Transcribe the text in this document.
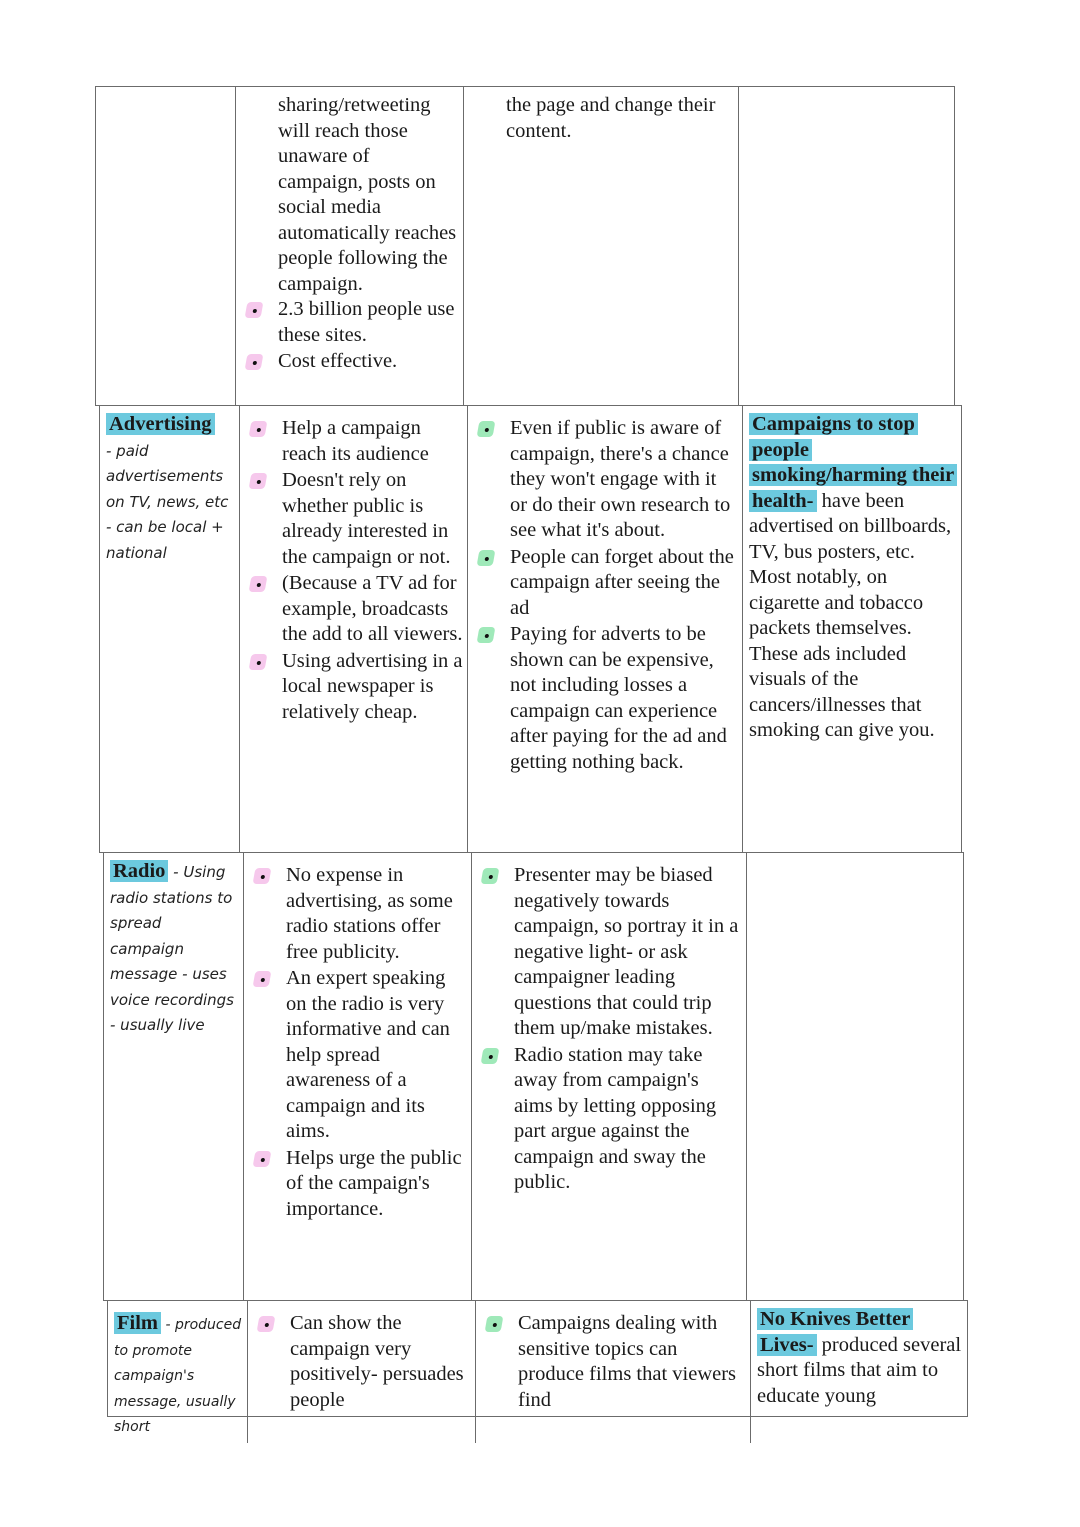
sharing/retweeting will reach those unaware of campaign, posts on social media automatically reaches people following the campaign.
2.3 billion people use these sites.
Cost effective.
the page and change their content.
Advertising
- paid advertisements on TV, news, etc - can be local + national
Help a campaign reach its audience
Doesn't rely on whether public is already interested in the campaign or not.
(Because a TV ad for example, broadcasts the add to all viewers.
Using advertising in a local newspaper is relatively cheap.
Even if public is aware of campaign, there's a chance they won't engage with it or do their own research to see what it's about.
People can forget about the campaign after seeing the ad
Paying for adverts to be shown can be expensive, not including losses a campaign can experience after paying for the ad and getting nothing back.
Campaigns to stop people smoking/harming their health- have been advertised on billboards, TV, bus posters, etc. Most notably, on cigarette and tobacco packets themselves. These ads included visuals of the cancers/illnesses that smoking can give you.
Radio - Using radio stations to spread campaign message - uses voice recordings - usually live
No expense in advertising, as some radio stations offer free publicity.
An expert speaking on the radio is very informative and can help spread awareness of a campaign and its aims.
Helps urge the public of the campaign's importance.
Presenter may be biased negatively towards campaign, so portray it in a negative light- or ask campaigner leading questions that could trip them up/make mistakes.
Radio station may take away from campaign's aims by letting opposing part argue against the campaign and sway the public.
Film - produced to promote campaign's message, usually short
Can show the campaign very positively- persuades people
Campaigns dealing with sensitive topics can produce films that viewers find
No Knives Better Lives- produced several short films that aim to educate young
